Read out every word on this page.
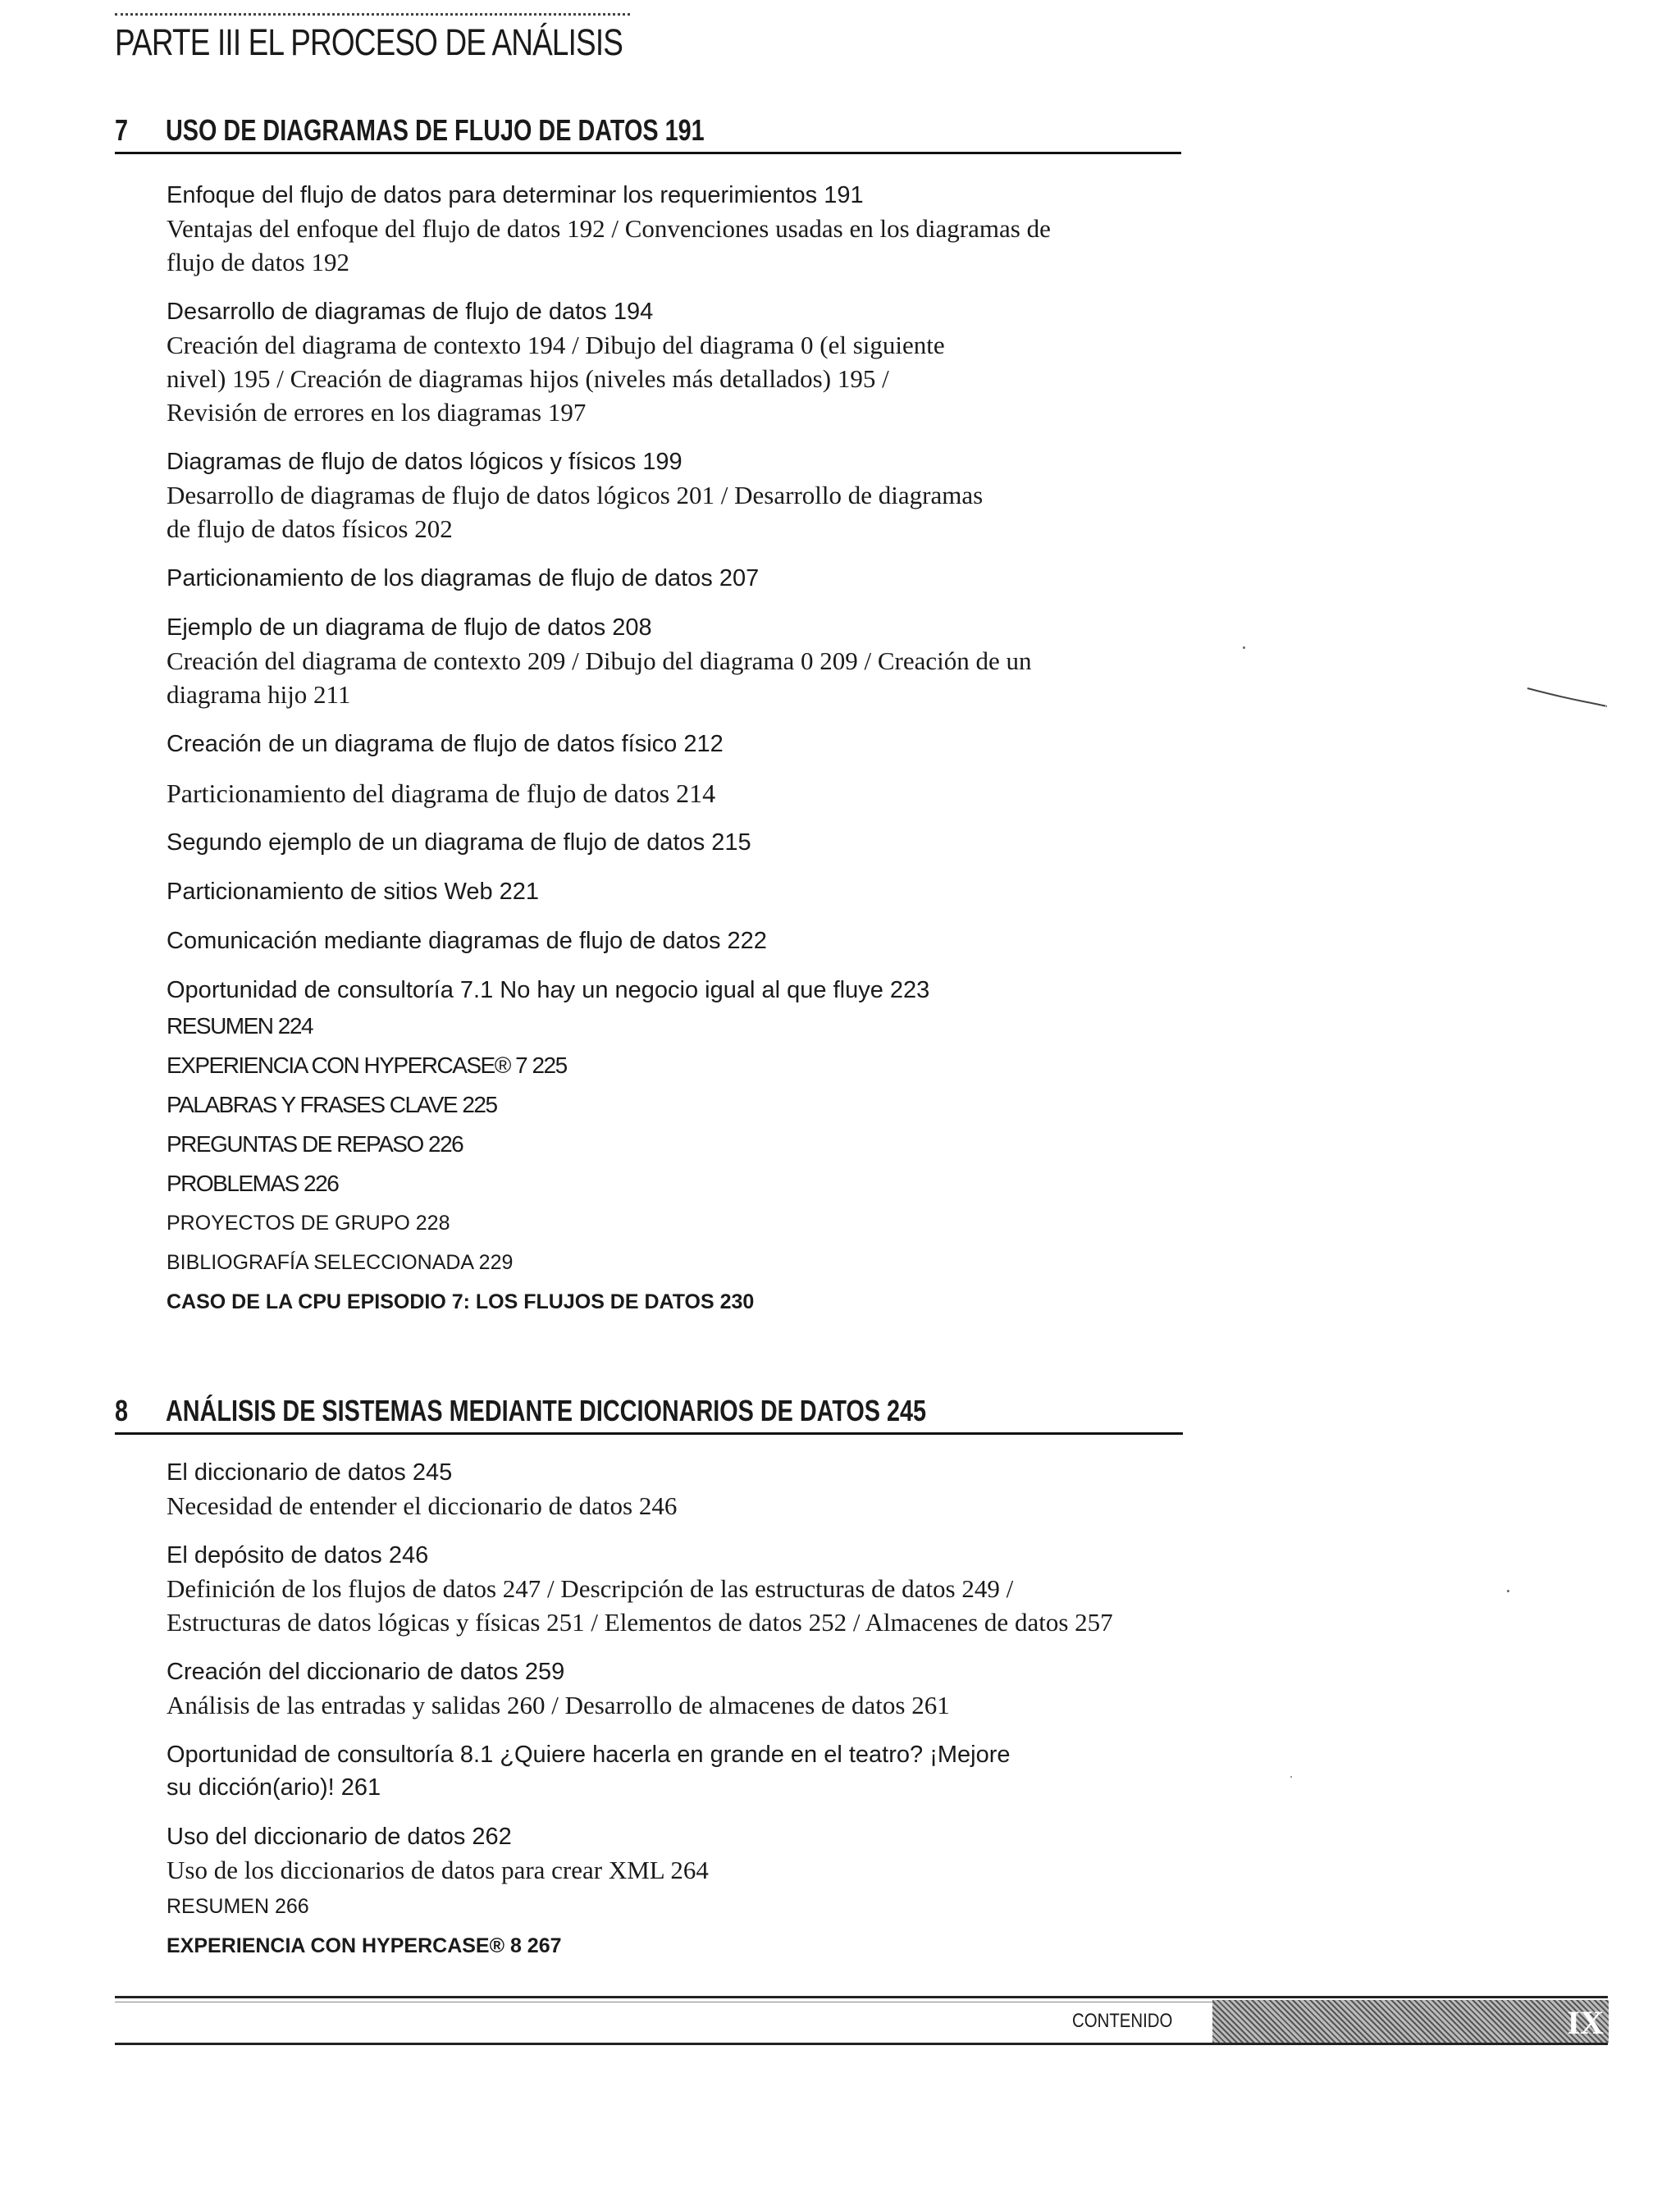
PARTE III EL PROCESO DE ANÁLISIS
7 USO DE DIAGRAMAS DE FLUJO DE DATOS 191

Enfoque del flujo de datos para determinar los requerimientos 191

Ventajas del enfoque del flujo de datos 192 / Convenciones usadas en los diagramas de

flujo de datos 192

Desarrollo de diagramas de flujo de datos 194

Creación del diagrama de contexto 194 / Dibujo del diagrama 0 (el siguiente

nivel) 195 / Creación de diagramas hijos (niveles más detallados) 195 /

Revisión de errores en los diagramas 197

Diagramas de flujo de datos lógicos y físicos 199

Desarrollo de diagramas de flujo de datos lógicos 201 / Desarrollo de diagramas

de flujo de datos físicos 202

Particionamiento de los diagramas de flujo de datos 207

Ejemplo de un diagrama de flujo de datos 208

Creación del diagrama de contexto 209 / Dibujo del diagrama 0 209 / Creación de un

diagrama hijo 211

Creación de un diagrama de flujo de datos físico 212

Particionamiento del diagrama de flujo de datos 214

Segundo ejemplo de un diagrama de flujo de datos 215

Particionamiento de sitios Web 221

Comunicación mediante diagramas de flujo de datos 222

Oportunidad de consultoría 7.1 No hay un negocio igual al que fluye 223

RESUMEN 224

EXPERIENCIA CON HYPERCASE® 7 225

PALABRAS Y FRASES CLAVE 225

PREGUNTAS DE REPASO 226

PROBLEMAS 226

PROYECTOS DE GRUPO 228

BIBLIOGRAFÍA SELECCIONADA 229

CASO DE LA CPU EPISODIO 7: LOS FLUJOS DE DATOS 230

8 ANÁLISIS DE SISTEMAS MEDIANTE DICCIONARIOS DE DATOS 245

El diccionario de datos 245

Necesidad de entender el diccionario de datos 246

El depósito de datos 246

Definición de los flujos de datos 247 / Descripción de las estructuras de datos 249 /

Estructuras de datos lógicas y físicas 251 / Elementos de datos 252 / Almacenes de datos 257

Creación del diccionario de datos 259

Análisis de las entradas y salidas 260 / Desarrollo de almacenes de datos 261

Oportunidad de consultoría 8.1 ¿Quiere hacerla en grande en el teatro? ¡Mejore

su dicción(ario)! 261

Uso del diccionario de datos 262

Uso de los diccionarios de datos para crear XML 264

RESUMEN 266

EXPERIENCIA CON HYPERCASE® 8 267

CONTENIDO	IX
